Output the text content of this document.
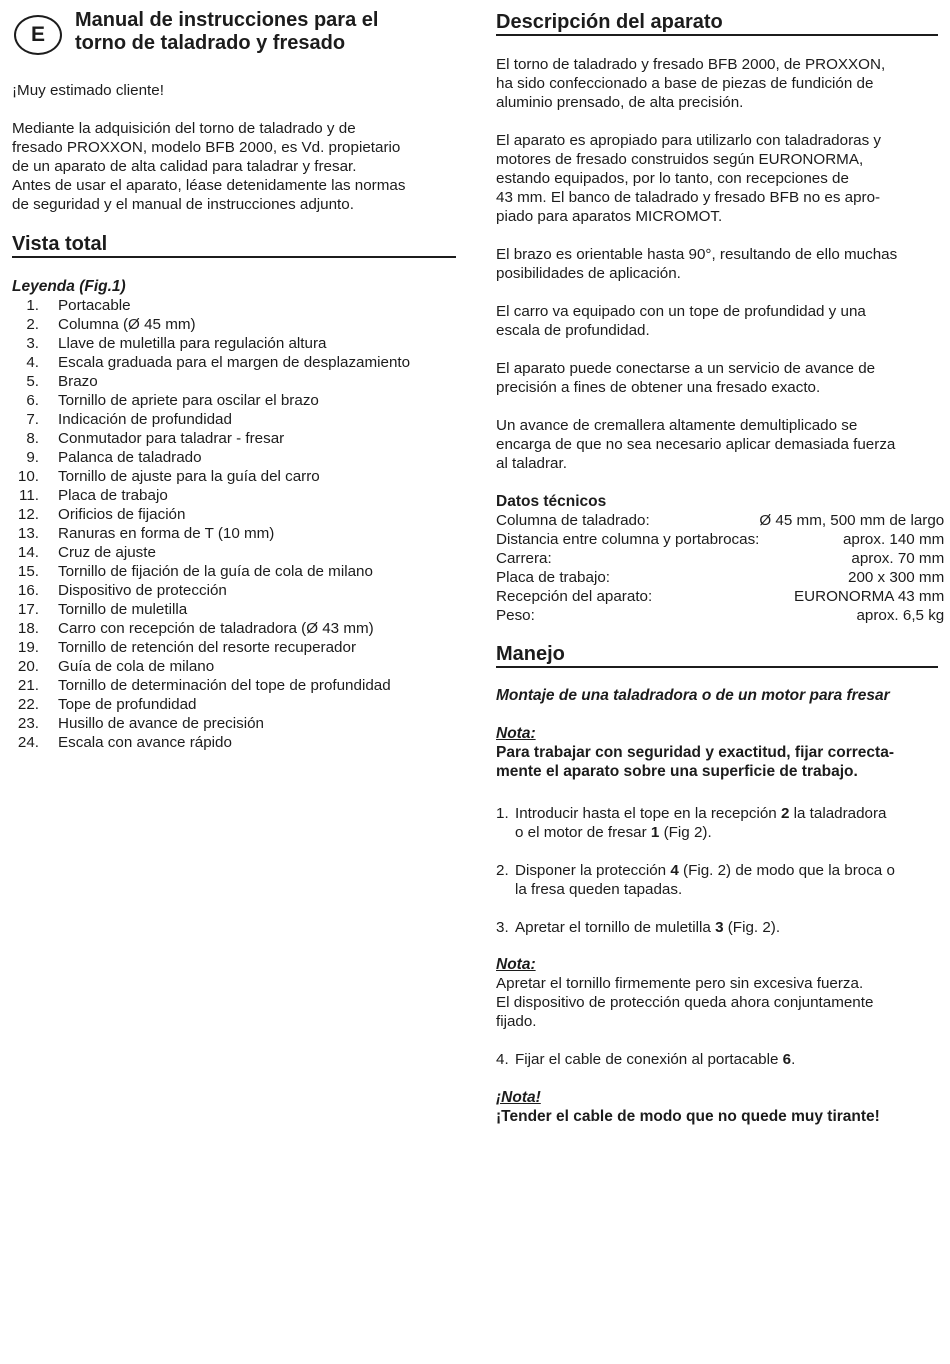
E
Manual de instrucciones para el
torno de taladrado y fresado

¡Muy estimado cliente!

Mediante la adquisición del torno de taladrado y de

fresado PROXXON, modelo BFB 2000, es Vd. propietario

de un aparato de alta calidad para taladrar y fresar.

Antes de usar el aparato, léase detenidamente las normas

de seguridad y el manual de instrucciones adjunto.

Vista total
Leyenda (Fig.1)
1. Portacable
2. Columna (Ø 45 mm)
3. Llave de muletilla para regulación altura
4. Escala graduada para el margen de desplazamiento
5. Brazo
6. Tornillo de apriete para oscilar el brazo
7. Indicación de profundidad
8. Conmutador para taladrar - fresar
9. Palanca de taladrado
10. Tornillo de ajuste para la guía del carro
11. Placa de trabajo
12. Orificios de fijación
13. Ranuras en forma de T (10 mm)
14. Cruz de ajuste
15. Tornillo de fijación de la guía de cola de milano
16. Dispositivo de protección
17. Tornillo de muletilla
18. Carro con recepción de taladradora (Ø 43 mm)
19. Tornillo de retención del resorte recuperador
20. Guía de cola de milano
21. Tornillo de determinación del tope de profundidad
22. Tope de profundidad
23. Husillo de avance de precisión
24. Escala con avance rápido
Descripción del aparato

El torno de taladrado y fresado BFB 2000, de PROXXON,

ha sido confeccionado a base de piezas de fundición de

aluminio prensado, de alta precisión.

El aparato es apropiado para utilizarlo con taladradoras y

motores de fresado construidos según EURONORMA,

estando equipados, por lo tanto, con recepciones de

43 mm. El banco de taladrado y fresado BFB no es apro-

piado para aparatos MICROMOT.

El brazo es orientable hasta 90°, resultando de ello muchas

posibilidades de aplicación.

El carro va equipado con un tope de profundidad y una

escala de profundidad.

El aparato puede conectarse a un servicio de avance de

precisión a fines de obtener una fresado exacto.

Un avance de cremallera altamente demultiplicado se

encarga de que no sea necesario aplicar demasiada fuerza

al taladrar.

Datos técnicos
Columna de taladrado:	Ø 45 mm, 500 mm de largo
Distancia entre columna y portabrocas:	aprox. 140 mm
Carrera:	aprox. 70 mm
Placa de trabajo:	200 x 300 mm
Recepción del aparato:	EURONORMA 43 mm
Peso:	aprox. 6,5 kg
Manejo
Montaje de una taladradora o de un motor para fresar

Nota:

Para trabajar con seguridad y exactitud, fijar correcta-

mente el aparato sobre una superficie de trabajo.

1. Introducir hasta el tope en la recepción 2 la taladradora
o el motor de fresar 1 (Fig 2).
2. Disponer la protección 4 (Fig. 2) de modo que la broca o
la fresa queden tapadas.
3. Apretar el tornillo de muletilla 3 (Fig. 2).

Nota:

Apretar el tornillo firmemente pero sin excesiva fuerza.

El dispositivo de protección queda ahora conjuntamente

fijado.

4. Fijar el cable de conexión al portacable 6.

¡Nota!

¡Tender el cable de modo que no quede muy tirante!
